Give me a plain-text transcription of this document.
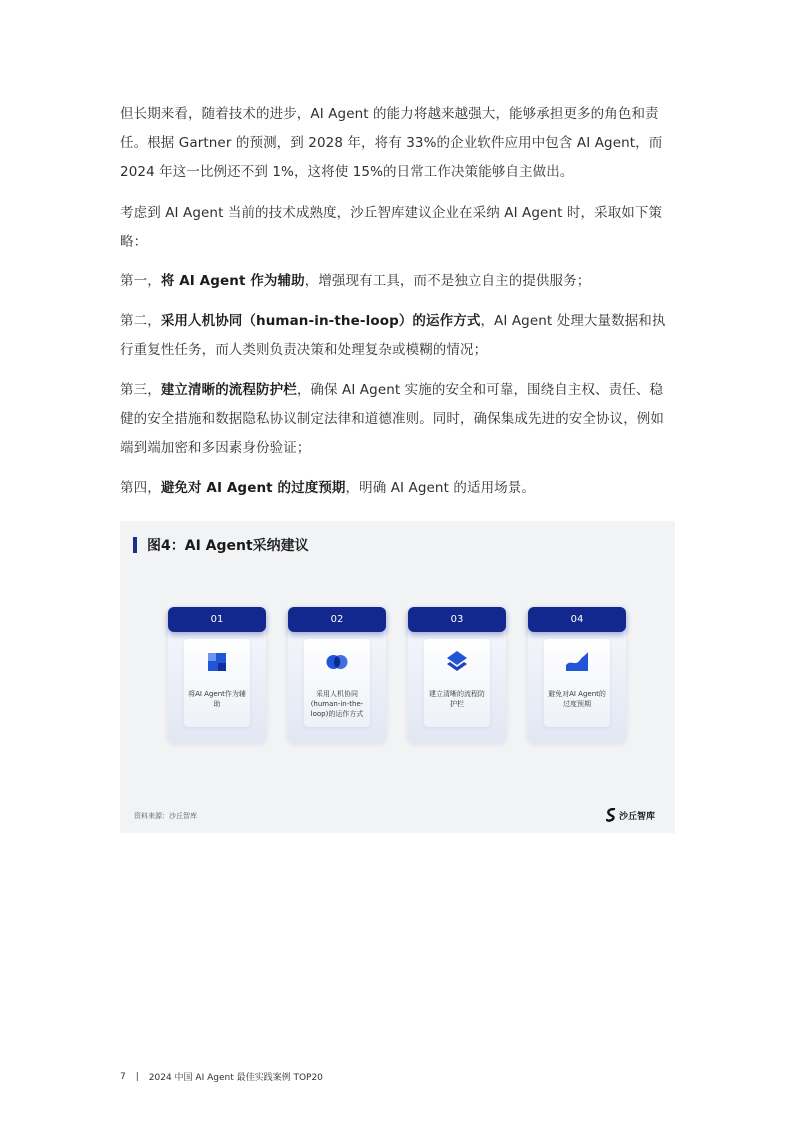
但长期来看，随着技术的进步，AI Agent 的能力将越来越强大，能够承担更多的角色和责任。根据 Gartner 的预测，到 2028 年，将有 33%的企业软件应用中包含 AI Agent，而 2024 年这一比例还不到 1%，这将使 15%的日常工作决策能够自主做出。

考虑到 AI Agent 当前的技术成熟度，沙丘智库建议企业在采纳 AI Agent 时，采取如下策略：

第一，将 AI Agent 作为辅助，增强现有工具，而不是独立自主的提供服务；

第二，采用人机协同（human-in-the-loop）的运作方式，AI Agent 处理大量数据和执行重复性任务，而人类则负责决策和处理复杂或模糊的情况；

第三，建立清晰的流程防护栏，确保 AI Agent 实施的安全和可靠，围绕自主权、责任、稳健的安全措施和数据隐私协议制定法律和道德准则。同时，确保集成先进的安全协议，例如端到端加密和多因素身份验证；

第四，避免对 AI Agent 的过度预期，明确 AI Agent 的适用场景。

图4：AI Agent采纳建议
01
将AI Agent作为辅助
02
采用人机协同(human-in-the-loop)的运作方式
03
建立清晰的流程防护栏
04
避免对AI Agent的过度预期
资料来源：沙丘智库	沙丘智库
7 | 2024 中国 AI Agent 最佳实践案例 TOP20
